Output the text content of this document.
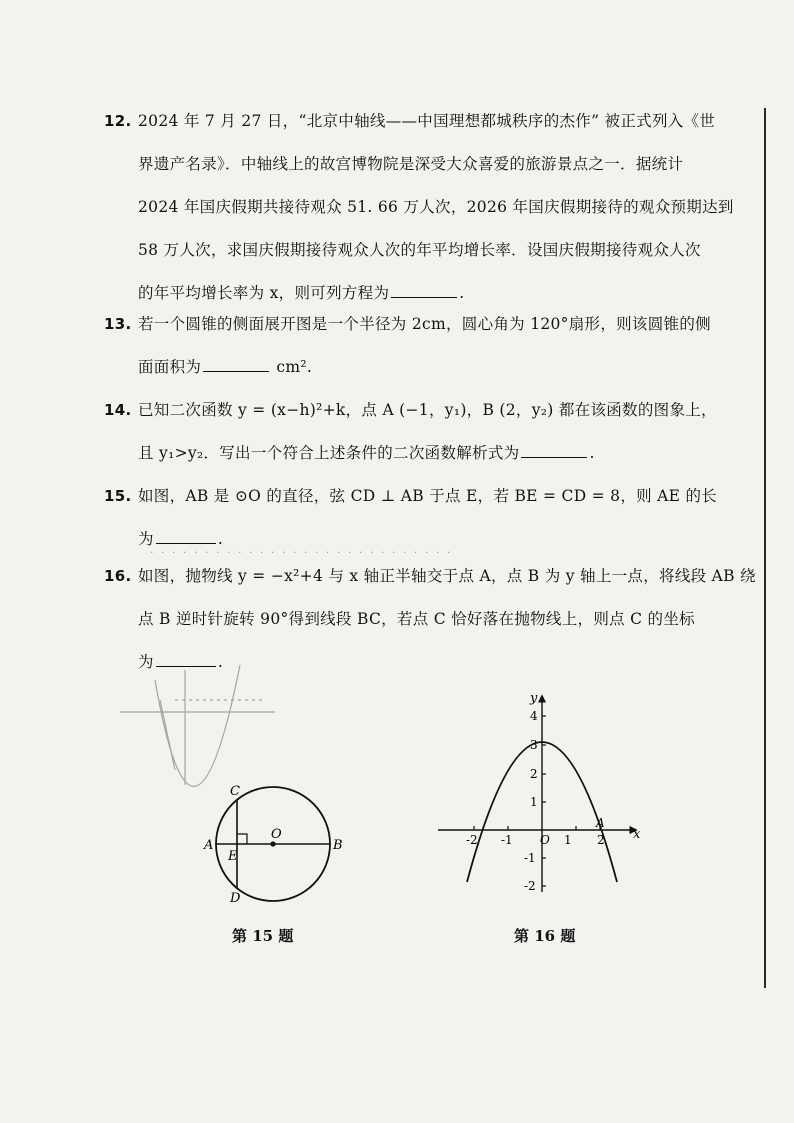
12. 2024 年 7 月 27 日，“北京中轴线——中国理想都城秩序的杰作” 被正式列入《世
界遗产名录》．中轴线上的故宫博物院是深受大众喜爱的旅游景点之一．据统计
2024 年国庆假期共接待观众 51. 66 万人次，2026 年国庆假期接待的观众预期达到
58 万人次，求国庆假期接待观众人次的年平均增长率．设国庆假期接待观众人次
的年平均增长率为 x，则可列方程为	.
13. 若一个圆锥的侧面展开图是一个半径为 2cm，圆心角为 120°扇形，则该圆锥的侧
面面积为	cm².
14. 已知二次函数 y = (x−h)²+k，点 A (−1，y₁)，B (2，y₂) 都在该函数的图象上，
且 y₁>y₂．写出一个符合上述条件的二次函数解析式为	.
15. 如图，AB 是 ⊙O 的直径，弦 CD ⊥ AB 于点 E，若 BE = CD = 8，则 AE 的长
为	.
· · · · · · · · · · · · · · · · · · · · · · · · · · · ·
16. 如图，抛物线 y = −x²+4 与 x 轴正半轴交于点 A，点 B 为 y 轴上一点，将线段 AB 绕
点 B 逆时针旋转 90°得到线段 BC，若点 C 恰好落在抛物线上，则点 C 的坐标
为	.
C
A
E
O
B
D
第 15 题
y
x
O
A
4
3
2
1
-1
-2
-2 -1	1 2
第 16 题
